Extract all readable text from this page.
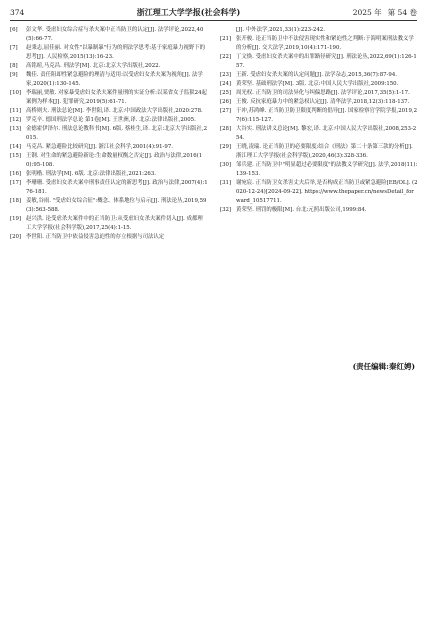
374	浙江理工大学学报(社会科学)	2025 年 第 54 卷
[6]	彭文华. 受虐妇女综合症与杀夫案中正当防卫的认定[J]. 法学评论,2022,40(5):66-77.
[7]	赵秉志,屈佳丽. 对女性"以暴制暴"行为的刑法学思考:基于家庭暴力视野下的思考[J]. 人民检察,2015(13):16-23.
[8]	高铭暄,马克昌. 刑法学[M]. 北京:北京大学出版社,2022.
[9]	魏佳. 责任阻却性紧急避险的理清与适用:以受虐妇女杀夫案为视角[J]. 法学家,2020(1):130-145.
[10] 李瑞丽,贾敏. 对家暴受虐妇女杀夫案件量刑的实证分析:以某省女子监狱24起案例为样本[J]. 犯罪研究,2019(5):61-71.
[11] 高桥则夫. 刑法总论[M]. 李世阳,译. 北京:中国政法大学出版社,2020:278.
[12] 罗克辛. 德国刑法学总论 第1卷[M]. 王世洲,译. 北京:法律出版社,2005.
[13] 金德霍伊泽尔. 刑法总论教科书[M]. 6版. 蔡桂生,译. 北京:北京大学出版社,2015.
[14] 马克昌. 紧急避险比较研究[J]. 浙江社会科学,2001(4):91-97.
[15] 王钢. 对生命的紧急避险新论:生命数量权衡之否定[J]. 政治与法律,2016(10):95-108.
[16] 张明楷. 刑法学[M]. 6版. 北京:法律出版社,2021:263.
[17] 李珊珊. 受虐妇女杀夫案中刑事责任认定的新思考[J]. 政治与法律,2007(4):176-181.
[18] 姜敏,谷雨. "受虐妇女综合征":概念、体系地位与启示[J]. 刑法论丛,2019,59(3):563-588.
[19] 赵兴洪. 论受虐杀夫案件中的正当防卫:从受虐妇女杀夫案件切入[J]. 成都理工大学学报(社会科学版),2017,25(4):1-15.
[20] 李世阳. 正当防卫中依益侵害急迫性的存立根据与司法认定
[J]. 中外法学,2021,33(1):223-242.
[21] 张开骏. 论正当防卫中不法侵害现实性和紧迫性之判断:于海明案刑法教义学的分析[J]. 交大法学,2019,10(4):171-190.
[22] 丁文焕. 受虐妇女杀夫案中的出罪路径研究[J]. 刑法论丛,2022,69(1):126-157.
[23] 王新. 受虐妇女杀夫案的认定问题[J]. 法学杂志,2015,36(7):87-94.
[24] 黄荣坚. 基础刑法学[M]. 3版. 北京:中国人民大学出版社,2009:150.
[25] 周光权. 正当防卫的司法异化与纠偏思路[J]. 法学评论,2017,35(5):1-17.
[26] 王俊. 反抗家庭暴力中的紧急权认定[J]. 清华法学,2018,12(3):118-137.
[27] 于冲,苏鸿峰. 正当防卫防卫限度判断的倡导[J]. 国家检察官学院学报,2019,27(6):115-127.
[28] 大谷实. 刑法讲义总论[M]. 黎宏,译. 北京:中国人民大学出版社,2008,253-254.
[29] 王晓,凌瑞. 论正当防卫的必要限度:结合《刑法》第二十条第三款的分析[J]. 浙江理工大学学报(社会科学版),2020,46(3):328-336.
[30] 邹兵建. 正当防卫中"明显超过必要限度"的法教义学研究[J]. 法学,2018(11):139-153.
[31] 谢宛宸. 正当防卫女杀害丈夫后举,是否构成正当防卫或紧急避险[EB/OL]. (2020-12-24)[2024-09-22]. https://www.thepaper.cn/newsDetail_forward_10517711.
[32] 黄荣坚. 刑罚的极限[M]. 台北:元照出版公司,1999:84.
(责任编辑:秦红娉)
